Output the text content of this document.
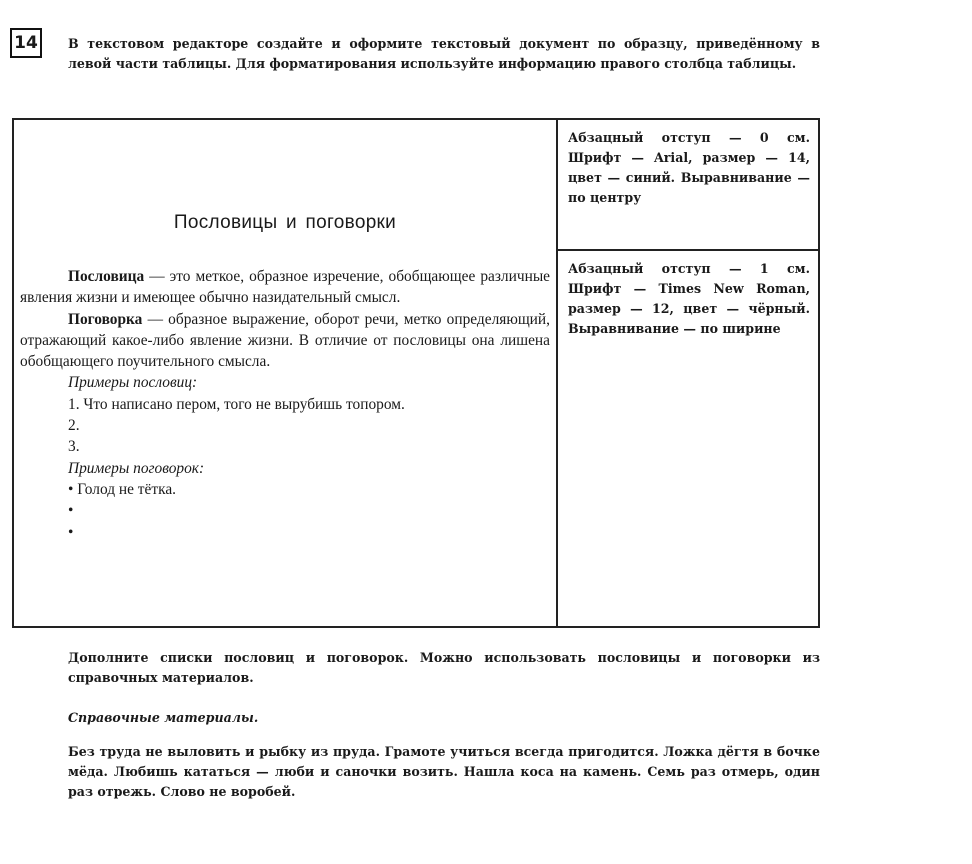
14	В текстовом редакторе создайте и оформите текстовый документ по образцу, приведённому в левой части таблицы. Для форматирования используйте информацию правого столбца таблицы.

Пословицы и поговорки

Пословица — это меткое, образное изречение, обобщающее различные явления жизни и имеющее обычно назидательный смысл.

Поговорка — образное выражение, оборот речи, метко определяющий, отражающий какое-либо явление жизни. В отличие от пословицы она лишена обобщающего поучительного смысла.

Примеры пословиц:
1. Что написано пером, того не вырубишь топором.
2.
3.
Примеры поговорок:
• Голод не тётка.
•
•

Абзацный отступ — 0 см. Шрифт — Arial, размер — 14, цвет — синий. Выравнивание — по центру

Абзацный отступ — 1 см. Шрифт — Times New Roman, размер — 12, цвет — чёрный. Выравнивание — по ширине

Дополните списки пословиц и поговорок. Можно использовать пословицы и поговорки из справочных материалов.

Справочные материалы.

Без труда не выловить и рыбку из пруда. Грамоте учиться всегда пригодится. Ложка дёгтя в бочке мёда. Любишь кататься — люби и саночки возить. Нашла коса на камень. Семь раз отмерь, один раз отрежь. Слово не воробей.
